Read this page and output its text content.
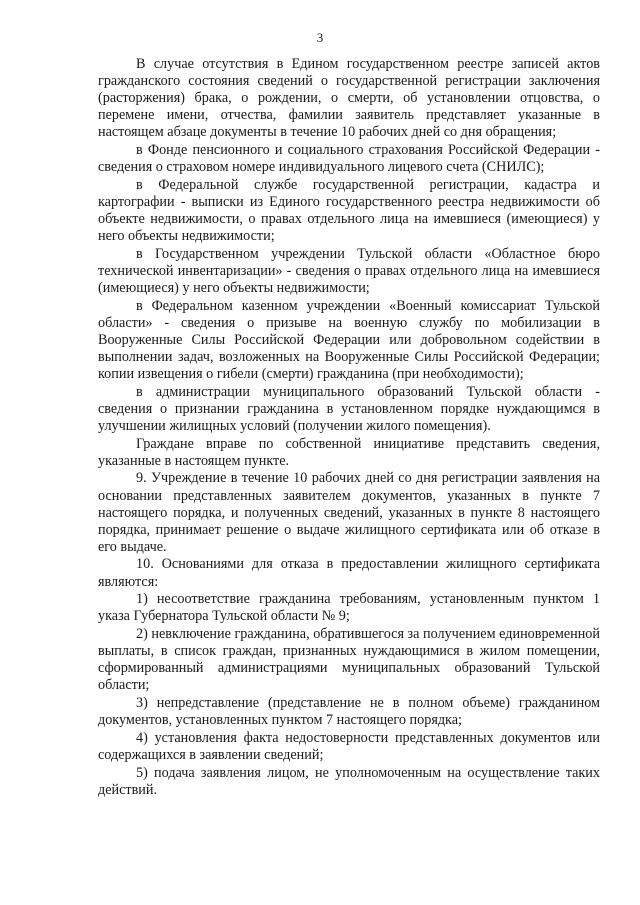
3

В случае отсутствия в Едином государственном реестре записей актов гражданского состояния сведений о государственной регистрации заключения (расторжения) брака, о рождении, о смерти, об установлении отцовства, о перемене имени, отчества, фамилии заявитель представляет указанные в настоящем абзаце документы в течение 10 рабочих дней со дня обращения;

в Фонде пенсионного и социального страхования Российской Федерации - сведения о страховом номере индивидуального лицевого счета (СНИЛС);

в Федеральной службе государственной регистрации, кадастра и картографии - выписки из Единого государственного реестра недвижимости об объекте недвижимости, о правах отдельного лица на имевшиеся (имеющиеся) у него объекты недвижимости;

в Государственном учреждении Тульской области «Областное бюро технической инвентаризации» - сведения о правах отдельного лица на имевшиеся (имеющиеся) у него объекты недвижимости;

в Федеральном казенном учреждении «Военный комиссариат Тульской области» - сведения о призыве на военную службу по мобилизации в Вооруженные Силы Российской Федерации или добровольном содействии в выполнении задач, возложенных на Вооруженные Силы Российской Федерации; копии извещения о гибели (смерти) гражданина (при необходимости);

в администрации муниципального образований Тульской области - сведения о признании гражданина в установленном порядке нуждающимся в улучшении жилищных условий (получении жилого помещения).

Граждане вправе по собственной инициативе представить сведения, указанные в настоящем пункте.

9. Учреждение в течение 10 рабочих дней со дня регистрации заявления на основании представленных заявителем документов, указанных в пункте 7 настоящего порядка, и полученных сведений, указанных в пункте 8 настоящего порядка, принимает решение о выдаче жилищного сертификата или об отказе в его выдаче.

10. Основаниями для отказа в предоставлении жилищного сертификата являются:

1) несоответствие гражданина требованиям, установленным пунктом 1 указа Губернатора Тульской области № 9;

2) невключение гражданина, обратившегося за получением единовременной выплаты, в список граждан, признанных нуждающимися в жилом помещении, сформированный администрациями муниципальных образований Тульской области;

3) непредставление (представление не в полном объеме) гражданином документов, установленных пунктом 7 настоящего порядка;

4) установления факта недостоверности представленных документов или содержащихся в заявлении сведений;

5) подача заявления лицом, не уполномоченным на осуществление таких действий.
